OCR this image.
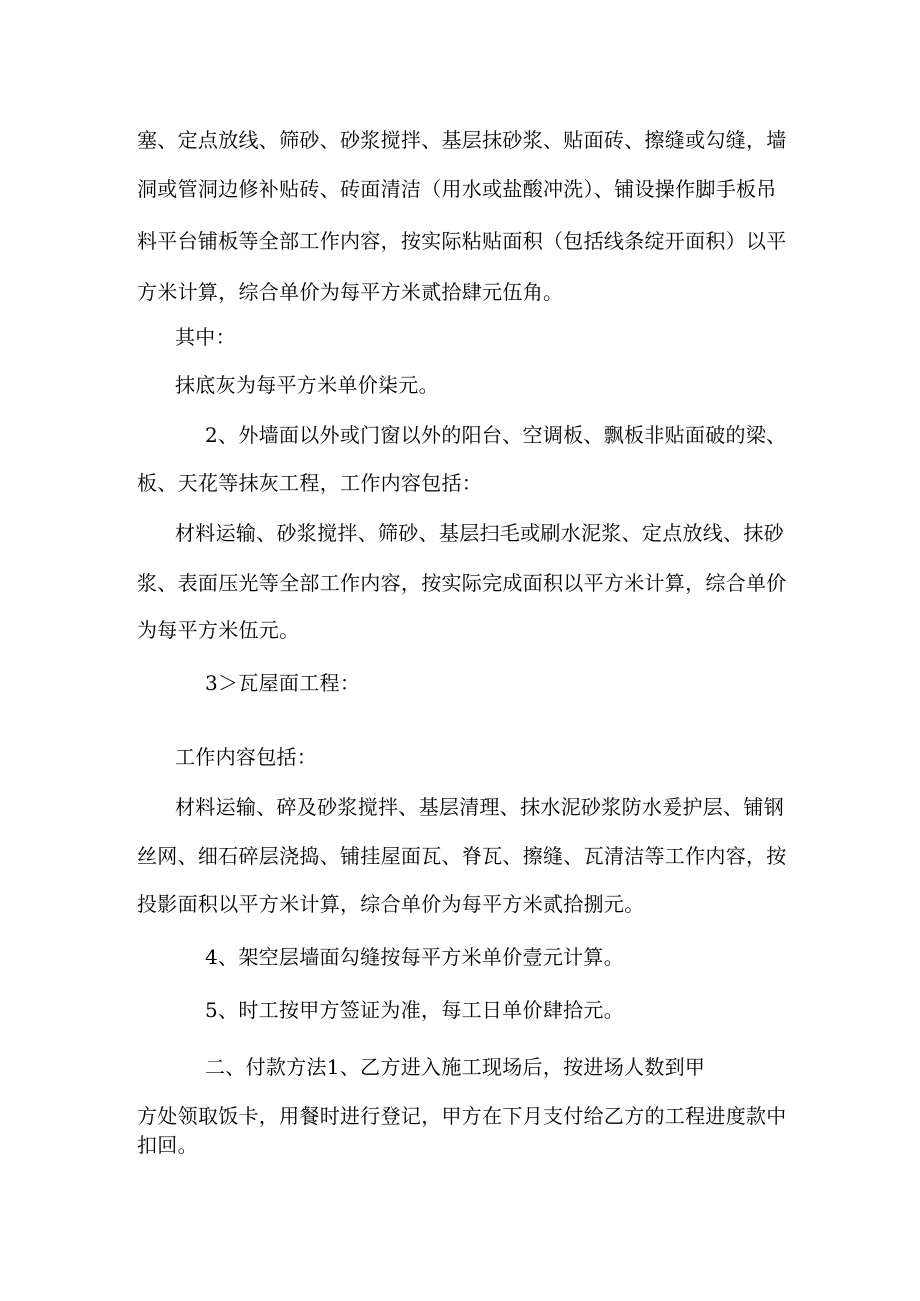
塞、定点放线、筛砂、砂浆搅拌、基层抹砂浆、贴面砖、擦缝或勾缝，墙
洞或管洞边修补贴砖、砖面清洁（用水或盐酸冲洗）、铺设操作脚手板吊
料平台铺板等全部工作内容，按实际粘贴面积（包括线条绽开面积）以平
方米计算，综合单价为每平方米贰拾肆元伍角。
其中：
抹底灰为每平方米单价柒元。
2、外墙面以外或门窗以外的阳台、空调板、飘板非贴面破的梁、
板、天花等抹灰工程，工作内容包括：
材料运输、砂浆搅拌、筛砂、基层扫毛或刷水泥浆、定点放线、抹砂
浆、表面压光等全部工作内容，按实际完成面积以平方米计算，综合单价
为每平方米伍元。
3＞瓦屋面工程：
工作内容包括：
材料运输、碎及砂浆搅拌、基层清理、抹水泥砂浆防水爰护层、铺钢
丝网、细石碎层浇捣、铺挂屋面瓦、脊瓦、擦缝、瓦清洁等工作内容，按
投影面积以平方米计算，综合单价为每平方米贰拾捌元。
4、架空层墙面勾缝按每平方米单价壹元计算。
5、时工按甲方签证为准，每工日单价肆拾元。
二、付款方法1、乙方进入施工现场后，按进场人数到甲
方处领取饭卡，用餐时进行登记，甲方在下月支付给乙方的工程进度款中
扣回。
